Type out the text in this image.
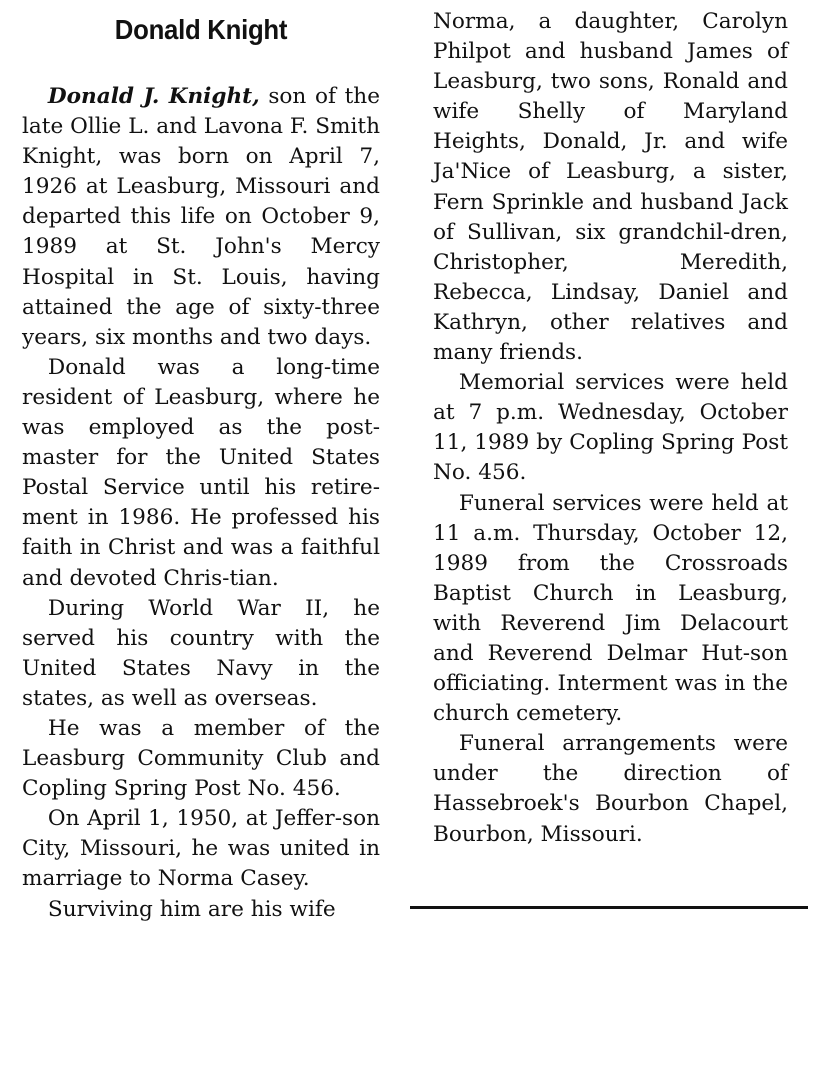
Donald Knight

Donald J. Knight, son of the late Ollie L. and Lavona F. Smith Knight, was born on April 7, 1926 at Leasburg, Missouri and departed this life on October 9, 1989 at St. John's Mercy Hospital in St. Louis, having attained the age of sixty-three years, six months and two days.

Donald was a long-time resident of Leasburg, where he was employed as the post-master for the United States Postal Service until his retire-ment in 1986. He professed his faith in Christ and was a faithful and devoted Chris-tian.

During World War II, he served his country with the United States Navy in the states, as well as overseas.

He was a member of the Leasburg Community Club and Copling Spring Post No. 456.

On April 1, 1950, at Jeffer-son City, Missouri, he was united in marriage to Norma Casey.

Surviving him are his wife

Norma, a daughter, Carolyn Philpot and husband James of Leasburg, two sons, Ronald and wife Shelly of Maryland Heights, Donald, Jr. and wife Ja'Nice of Leasburg, a sister, Fern Sprinkle and husband Jack of Sullivan, six grandchil-dren, Christopher, Meredith, Rebecca, Lindsay, Daniel and Kathryn, other relatives and many friends.

Memorial services were held at 7 p.m. Wednesday, October 11, 1989 by Copling Spring Post No. 456.

Funeral services were held at 11 a.m. Thursday, October 12, 1989 from the Crossroads Baptist Church in Leasburg, with Reverend Jim Delacourt and Reverend Delmar Hut-son officiating. Interment was in the church cemetery.

Funeral arrangements were under the direction of Hassebroek's Bourbon Chapel, Bourbon, Missouri.
